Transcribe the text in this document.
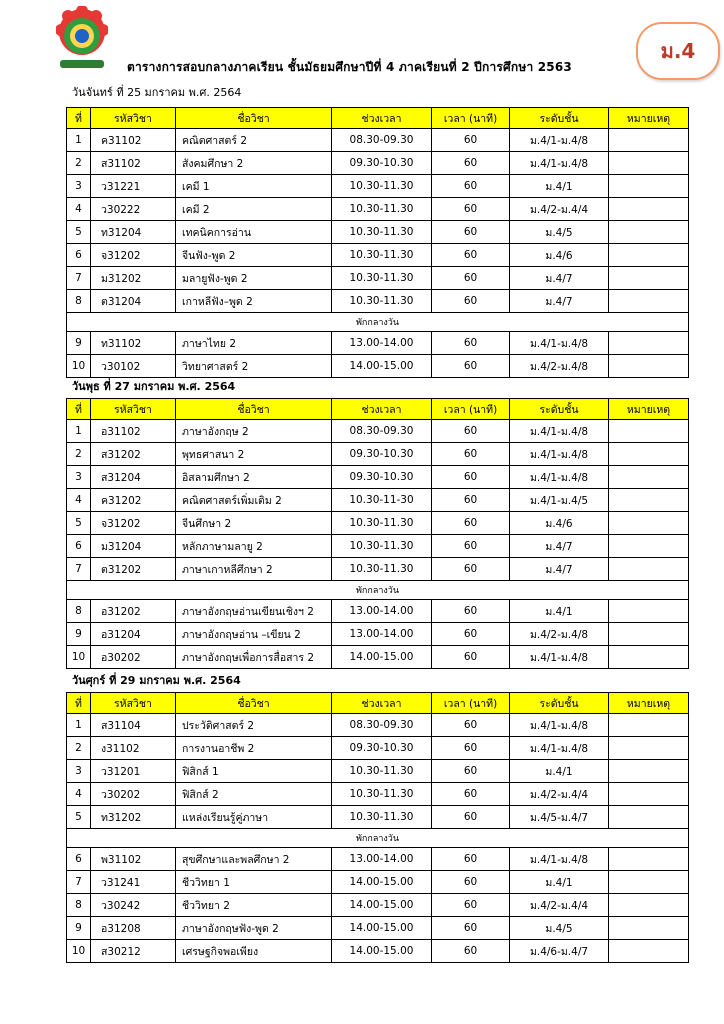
ม.4
ตารางการสอบกลางภาคเรียน ชั้นมัธยมศึกษาปีที่ 4 ภาคเรียนที่ 2 ปีการศึกษา 2563
วันจันทร์ ที่ 25 มกราคม พ.ศ. 2564
ที่	รหัสวิชา	ชื่อวิชา	ช่วงเวลา	เวลา (นาที)	ระดับชั้น	หมายเหตุ
1	ค31102	คณิตศาสตร์ 2	08.30-09.30	60	ม.4/1-ม.4/8	
2	ส31102	สังคมศึกษา 2	09.30-10.30	60	ม.4/1-ม.4/8	
3	ว31221	เคมี 1	10.30-11.30	60	ม.4/1	
4	ว30222	เคมี 2	10.30-11.30	60	ม.4/2-ม.4/4	
5	ท31204	เทคนิคการอ่าน	10.30-11.30	60	ม.4/5	
6	จ31202	จีนฟัง-พูด 2	10.30-11.30	60	ม.4/6	
7	ม31202	มลายูฟัง-พูด 2	10.30-11.30	60	ม.4/7	
8	ต31204	เกาหลีฟัง–พูด 2	10.30-11.30	60	ม.4/7	
พักกลางวัน						
9	ท31102	ภาษาไทย 2	13.00-14.00	60	ม.4/1-ม.4/8	
10	ว30102	วิทยาศาสตร์ 2	14.00-15.00	60	ม.4/2-ม.4/8	
วันพุธ ที่ 27 มกราคม พ.ศ. 2564
ที่	รหัสวิชา	ชื่อวิชา	ช่วงเวลา	เวลา (นาที)	ระดับชั้น	หมายเหตุ
1	อ31102	ภาษาอังกฤษ 2	08.30-09.30	60	ม.4/1-ม.4/8	
2	ส31202	พุทธศาสนา 2	09.30-10.30	60	ม.4/1-ม.4/8	
3	ส31204	อิสลามศึกษา 2	09.30-10.30	60	ม.4/1-ม.4/8	
4	ค31202	คณิตศาสตร์เพิ่มเติม 2	10.30-11-30	60	ม.4/1-ม.4/5	
5	จ31202	จีนศึกษา 2	10.30-11.30	60	ม.4/6	
6	ม31204	หลักภาษามลายู 2	10.30-11.30	60	ม.4/7	
7	ต31202	ภาษาเกาหลีศึกษา 2	10.30-11.30	60	ม.4/7	
พักกลางวัน						
8	อ31202	ภาษาอังกฤษอ่านเขียนเชิงฯ 2	13.00-14.00	60	ม.4/1	
9	อ31204	ภาษาอังกฤษอ่าน –เขียน 2	13.00-14.00	60	ม.4/2-ม.4/8	
10	อ30202	ภาษาอังกฤษเพื่อการสื่อสาร 2	14.00-15.00	60	ม.4/1-ม.4/8	
วันศุกร์ ที่ 29 มกราคม พ.ศ. 2564
ที่	รหัสวิชา	ชื่อวิชา	ช่วงเวลา	เวลา (นาที)	ระดับชั้น	หมายเหตุ
1	ส31104	ประวัติศาสตร์ 2	08.30-09.30	60	ม.4/1-ม.4/8	
2	ง31102	การงานอาชีพ 2	09.30-10.30	60	ม.4/1-ม.4/8	
3	ว31201	ฟิสิกส์ 1	10.30-11.30	60	ม.4/1	
4	ว30202	ฟิสิกส์ 2	10.30-11.30	60	ม.4/2-ม.4/4	
5	ท31202	แหล่งเรียนรู้คู่ภาษา	10.30-11.30	60	ม.4/5-ม.4/7	
พักกลางวัน						
6	พ31102	สุขศึกษาและพลศึกษา 2	13.00-14.00	60	ม.4/1-ม.4/8	
7	ว31241	ชีววิทยา 1	14.00-15.00	60	ม.4/1	
8	ว30242	ชีววิทยา 2	14.00-15.00	60	ม.4/2-ม.4/4	
9	อ31208	ภาษาอังกฤษฟัง-พูด 2	14.00-15.00	60	ม.4/5	
10	ส30212	เศรษฐกิจพอเพียง	14.00-15.00	60	ม.4/6-ม.4/7	
